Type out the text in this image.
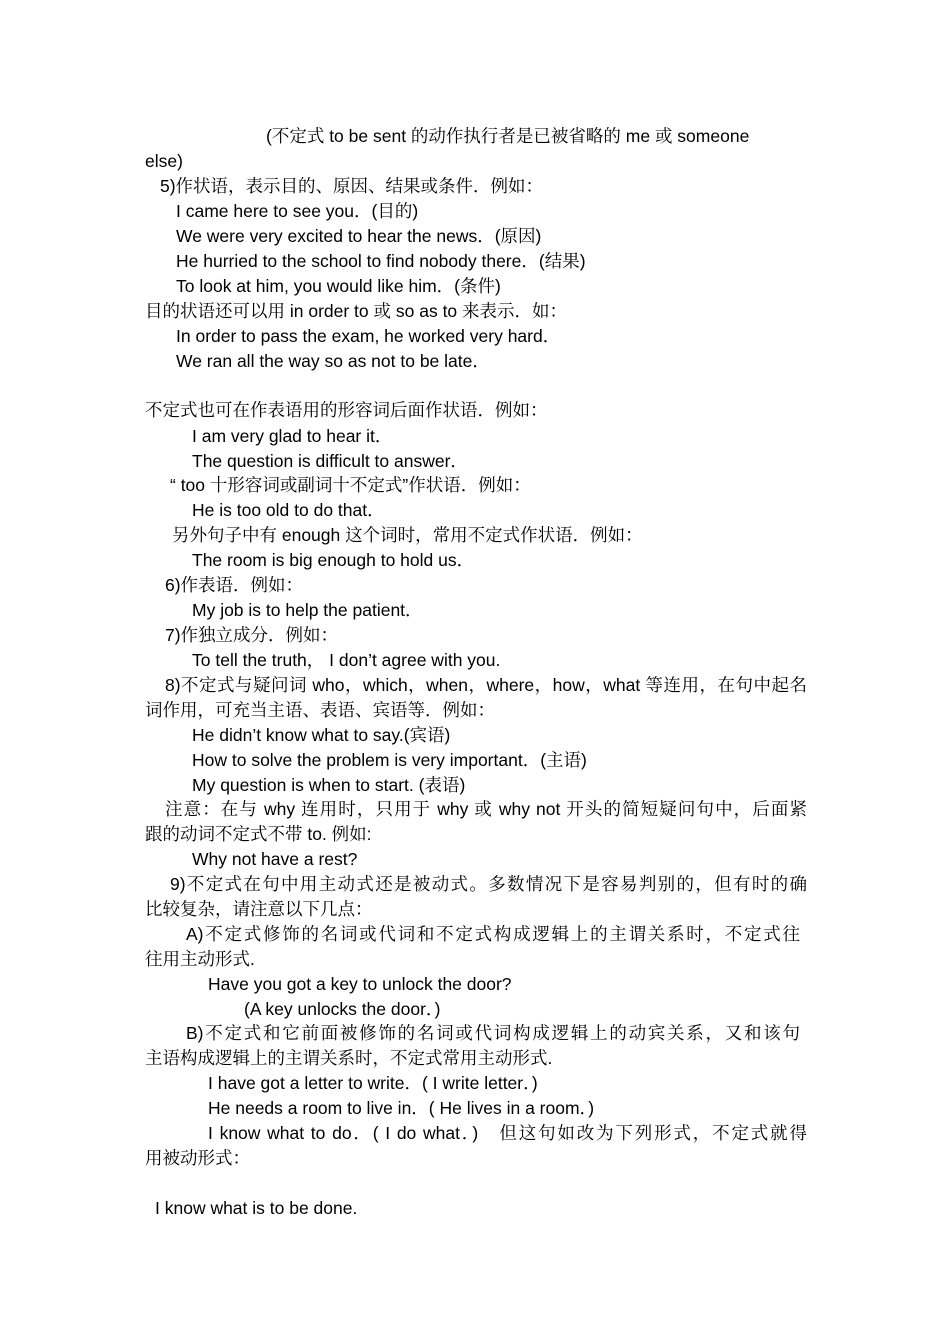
(不定式 to be sent 的动作执行者是已被省略的 me 或 someone
else)
5)作状语，表示目的、原因、结果或条件．例如：
I came here to see you．(目的)
We were very excited to hear the news．(原因)
He hurried to the school to find nobody there．(结果)
To look at him, you would like him．(条件)
目的状语还可以用 in order to 或 so as to 来表示．如：
In order to pass the exam, he worked very hard．
We ran all the way so as not to be late．
不定式也可在作表语用的形容词后面作状语．例如：
I am very glad to hear it．
The question is difficult to answer．
“ too 十形容词或副词十不定式”作状语．例如：
He is too old to do that．
另外句子中有 enough 这个词时，常用不定式作状语．例如：
The room is big enough to hold us．
6)作表语．例如：
My job is to help the patient．
7)作独立成分．例如：
To tell the truth， I don’t agree with you.
8)不定式与疑问词 who，which，when，where，how，what 等连用，在句中起名
词作用，可充当主语、表语、宾语等．例如：
He didn’t know what to say.(宾语)
How to solve the problem is very important．(主语)
My question is when to start. (表语)
注意：在与 why 连用时，只用于 why 或 why not 开头的简短疑问句中，后面紧
跟的动词不定式不带 to. 例如:
Why not have a rest?
9)不定式在句中用主动式还是被动式。多数情况下是容易判别的，但有时的确
比较复杂，请注意以下几点：
A)不定式修饰的名词或代词和不定式构成逻辑上的主谓关系时，不定式往
往用主动形式.
Have you got a key to unlock the door?
(A key unlocks the door．)
B)不定式和它前面被修饰的名词或代词构成逻辑上的动宾关系，又和该句
主语构成逻辑上的主谓关系时，不定式常用主动形式.
I have got a letter to write．( I write letter．)
He needs a room to live in．( He lives in a room．)
I know what to do．( I do what．)　但这句如改为下列形式，不定式就得
用被动形式：
I know what is to be done.
